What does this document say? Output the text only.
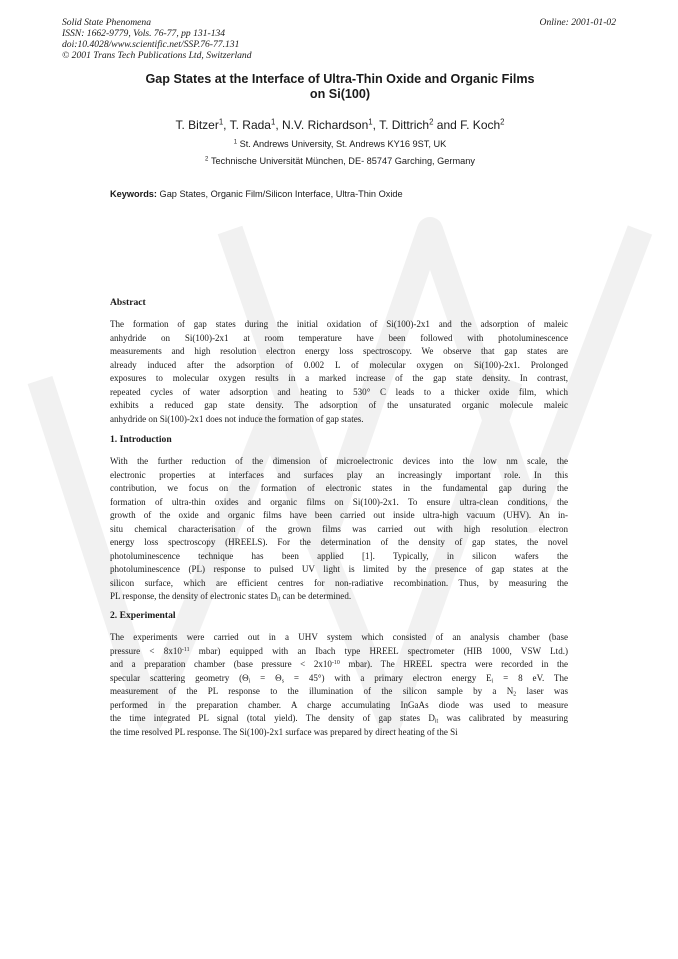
Solid State Phenomena
ISSN: 1662-9779, Vols. 76-77, pp 131-134
doi:10.4028/www.scientific.net/SSP.76-77.131
© 2001 Trans Tech Publications Ltd, Switzerland
Online: 2001-01-02
Gap States at the Interface of Ultra-Thin Oxide and Organic Films
on Si(100)
T. Bitzer$^1$, T. Rada$^1$, N.V. Richardson$^1$, T. Dittrich$^2$ and F. Koch$^2$
$^1$ St. Andrews University, St. Andrews KY16 9ST, UK
$^2$ Technische Universität München, DE- 85747 Garching, Germany
Keywords: Gap States, Organic Film/Silicon Interface, Ultra-Thin Oxide
Abstract
The formation of gap states during the initial oxidation of Si(100)-2x1 and the adsorption of maleic
anhydride on Si(100)-2x1 at room temperature have been followed with photoluminescence
measurements and high resolution electron energy loss spectroscopy. We observe that gap states are
already induced after the adsorption of 0.002 L of molecular oxygen on Si(100)-2x1. Prolonged
exposures to molecular oxygen results in a marked increase of the gap state density. In contrast,
repeated cycles of water adsorption and heating to 530° C leads to a thicker oxide film, which
exhibits a reduced gap state density. The adsorption of the unsaturated organic molecule maleic
anhydride on Si(100)-2x1 does not induce the formation of gap states.
1. Introduction
With the further reduction of the dimension of microelectronic devices into the low nm scale, the
electronic properties at interfaces and surfaces play an increasingly important role. In this
contribution, we focus on the formation of electronic states in the fundamental gap during the
formation of ultra-thin oxides and organic films on Si(100)-2x1. To ensure ultra-clean conditions, the
growth of the oxide and organic films have been carried out inside ultra-high vacuum (UHV). An in-
situ chemical characterisation of the grown films was carried out with high resolution electron
energy loss spectroscopy (HREELS). For the determination of the density of gap states, the novel
photoluminescence technique has been applied [1]. Typically, in silicon wafers the
photoluminescence (PL) response to pulsed UV light is limited by the presence of gap states at the
silicon surface, which are efficient centres for non-radiative recombination. Thus, by measuring the
PL response, the density of electronic states $D_{it}$ can be determined.
2. Experimental
The experiments were carried out in a UHV system which consisted of an analysis chamber (base
pressure < $8x10^{-11}$ mbar) equipped with an Ibach type HREEL spectrometer (HIB 1000, VSW Ltd.)
and a preparation chamber (base pressure < $2x10^{-10}$ mbar). The HREEL spectra were recorded in the
specular scattering geometry $(\Theta_i = \Theta_s = 45^\circ)$ with a primary electron energy $E_i = 8$ eV. The
measurement of the PL response to the illumination of the silicon sample by a $N_2$ laser was
performed in the preparation chamber. A charge accumulating InGaAs diode was used to measure
the time integrated PL signal (total yield). The density of gap states $D_{it}$ was calibrated by measuring
the time resolved PL response. The Si(100)-2x1 surface was prepared by direct heating of the Si
